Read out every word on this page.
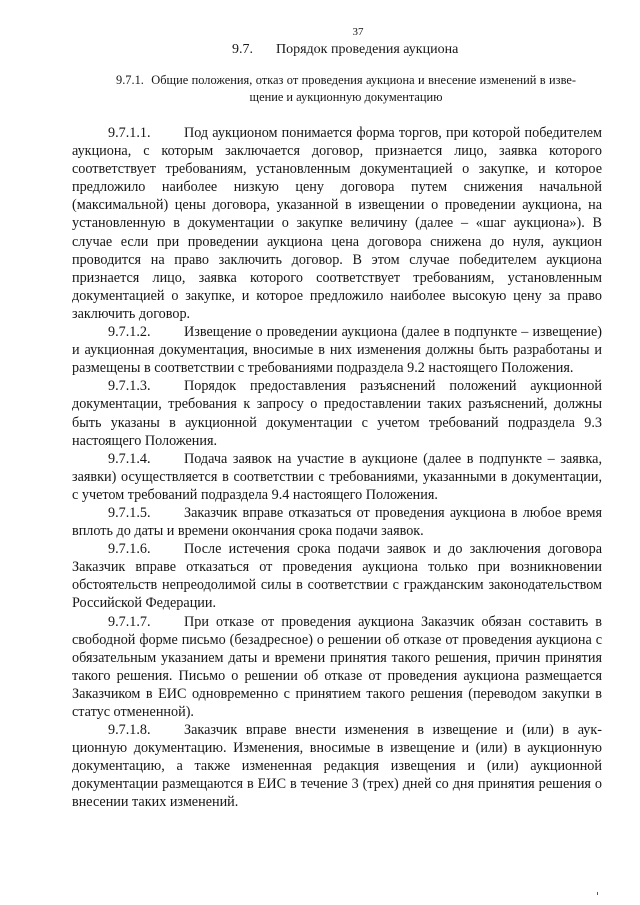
37
9.7. Порядок проведения аукциона
9.7.1. Общие положения, отказ от проведения аукциона и внесение изменений в извещение и аукционную документацию

9.7.1.1. Под аукционом понимается форма торгов, при которой победителем аукциона, с которым заключается договор, признается лицо, заявка которого соответствует требованиям, установленным документацией о закупке, и которое предложило наиболее низкую цену договора путем снижения начальной (максимальной) цены договора, указанной в извещении о проведении аукциона, на установленную в документации о закупке величину (далее – «шаг аукциона»). В случае если при проведении аукциона цена договора снижена до нуля, аукцион проводится на право заключить договор. В этом случае победителем аукциона признается лицо, заявка которого соответствует требованиям, установленным документацией о закупке, и которое предложило наиболее высокую цену за право заключить договор.

9.7.1.2. Извещение о проведении аукциона (далее в подпункте – извещение) и аукционная документация, вносимые в них изменения должны быть разработаны и размещены в соответствии с требованиями подраздела 9.2 настоящего Положения.

9.7.1.3. Порядок предоставления разъяснений положений аукционной документации, требования к запросу о предоставлении таких разъяснений, должны быть указаны в аукционной документации с учетом требований подраздела 9.3 настоящего Положения.

9.7.1.4. Подача заявок на участие в аукционе (далее в подпункте – заявка, заявки) осуществляется в соответствии с требованиями, указанными в документации, с учетом требований подраздела 9.4 настоящего Положения.

9.7.1.5. Заказчик вправе отказаться от проведения аукциона в любое время вплоть до даты и времени окончания срока подачи заявок.

9.7.1.6. После истечения срока подачи заявок и до заключения договора Заказчик вправе отказаться от проведения аукциона только при возникновении обстоятельств непреодолимой силы в соответствии с гражданским законодательством Российской Федерации.

9.7.1.7. При отказе от проведения аукциона Заказчик обязан составить в свободной форме письмо (безадресное) о решении об отказе от проведения аукциона с обязательным указанием даты и времени принятия такого решения, причин принятия такого решения. Письмо о решении об отказе от проведения аукциона размещается Заказчиком в ЕИС одновременно с принятием такого решения (переводом закупки в статус отмененной).

9.7.1.8. Заказчик вправе внести изменения в извещение и (или) в аукционную документацию. Изменения, вносимые в извещение и (или) в аукционную документацию, а также измененная редакция извещения и (или) аукционной документации размещаются в ЕИС в течение 3 (трех) дней со дня принятия решения о внесении таких изменений.
